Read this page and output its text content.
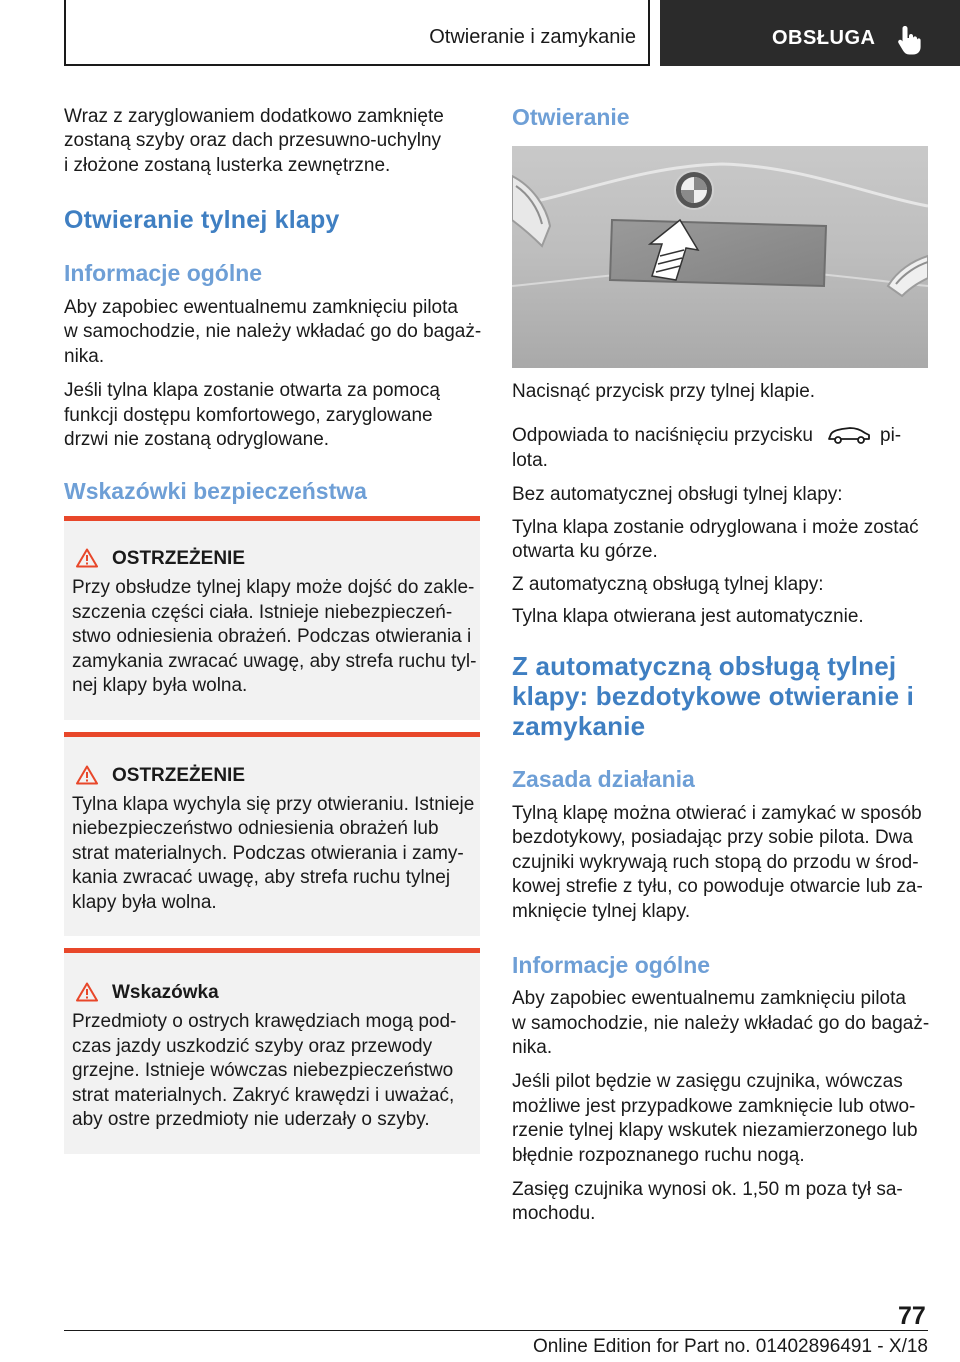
Otwieranie i zamykanie	OBSŁUGA
Wraz z zaryglowaniem dodatkowo zamknięte
zostaną szyby oraz dach przesuwno-uchylny
i złożone zostaną lusterka zewnętrzne.
Otwieranie tylnej klapy
Informacje ogólne
Aby zapobiec ewentualnemu zamknięciu pilota
w samochodzie, nie należy wkładać go do bagaż-
nika.
Jeśli tylna klapa zostanie otwarta za pomocą
funkcji dostępu komfortowego, zaryglowane
drzwi nie zostaną odryglowane.
Wskazówki bezpieczeństwa
OSTRZEŻENIE
Przy obsłudze tylnej klapy może dojść do zakle-
szczenia części ciała. Istnieje niebezpieczeń-
stwo odniesienia obrażeń. Podczas otwierania i
zamykania zwracać uwagę, aby strefa ruchu tyl-
nej klapy była wolna.
OSTRZEŻENIE
Tylna klapa wychyla się przy otwieraniu. Istnieje
niebezpieczeństwo odniesienia obrażeń lub
strat materialnych. Podczas otwierania i zamy-
kania zwracać uwagę, aby strefa ruchu tylnej
klapy była wolna.
Wskazówka
Przedmioty o ostrych krawędziach mogą pod-
czas jazdy uszkodzić szyby oraz przewody
grzejne. Istnieje wówczas niebezpieczeństwo
strat materialnych. Zakryć krawędzi i uważać,
aby ostre przedmioty nie uderzały o szyby.
Otwieranie
Nacisnąć przycisk przy tylnej klapie.
Odpowiada to naciśnięciu przycisku	pi-
lota.
Bez automatycznej obsługi tylnej klapy:
Tylna klapa zostanie odryglowana i może zostać
otwarta ku górze.
Z automatyczną obsługą tylnej klapy:
Tylna klapa otwierana jest automatycznie.
Z automatyczną obsługą tylnej
klapy: bezdotykowe otwieranie i
zamykanie
Zasada działania
Tylną klapę można otwierać i zamykać w sposób
bezdotykowy, posiadając przy sobie pilota. Dwa
czujniki wykrywają ruch stopą do przodu w środ-
kowej strefie z tyłu, co powoduje otwarcie lub za-
mknięcie tylnej klapy.
Informacje ogólne
Aby zapobiec ewentualnemu zamknięciu pilota
w samochodzie, nie należy wkładać go do bagaż-
nika.
Jeśli pilot będzie w zasięgu czujnika, wówczas
możliwe jest przypadkowe zamknięcie lub otwo-
rzenie tylnej klapy wskutek niezamierzonego lub
błędnie rozpoznanego ruchu nogą.
Zasięg czujnika wynosi ok. 1,50 m poza tył sa-
mochodu.
77
Online Edition for Part no. 01402896491 - X/18
